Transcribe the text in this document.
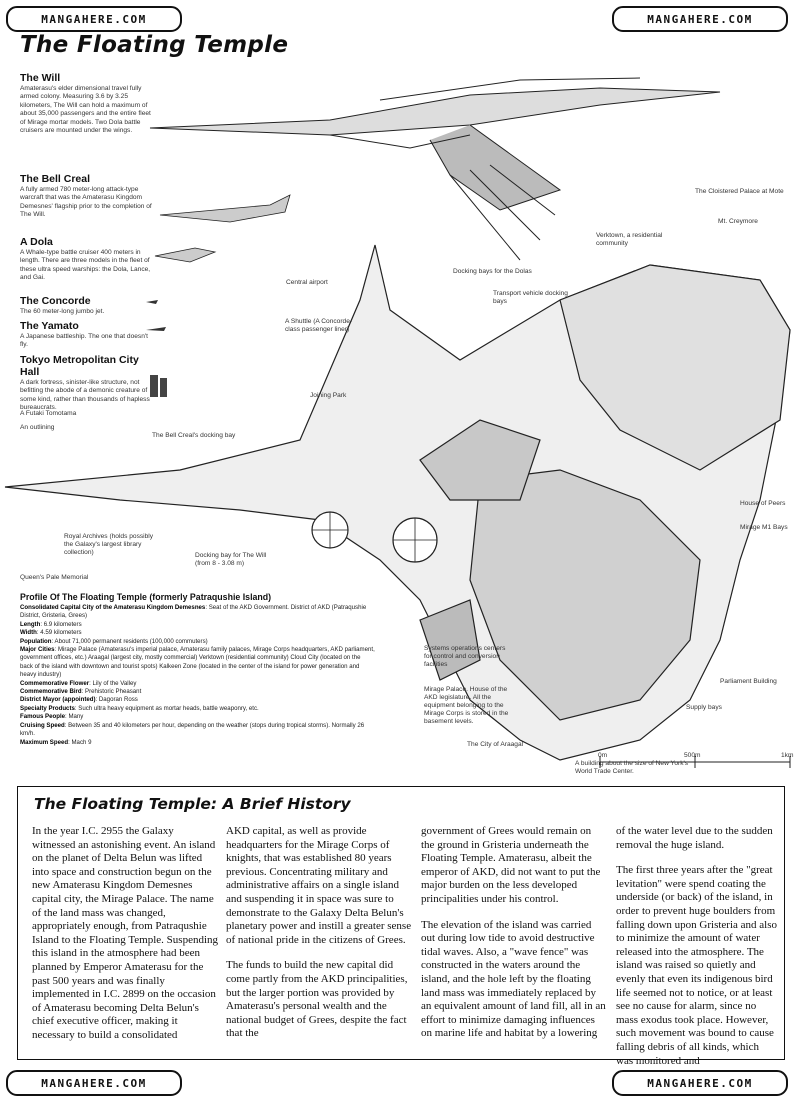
MANGAHERE.COM	MANGAHERE.COM
MANGAHERE.COM	MANGAHERE.COM
The Floating Temple
The Will

Amaterasu's elder dimensional travel fully armed colony. Measuring 3.6 by 3.25 kilometers, The Will can hold a maximum of about 35,000 passengers and the entire fleet of Mirage mortar models. Two Dola battle cruisers are mounted under the wings.

The Bell Creal

A fully armed 780 meter-long attack-type warcraft that was the Amaterasu Kingdom Demesnes' flagship prior to the completion of The Will.

A Dola

A Whale-type battle cruiser 400 meters in length. There are three models in the fleet of these ultra speed warships: the Dola, Lance, and Gai.

The Concorde

The 60 meter-long jumbo jet.

The Yamato

A Japanese battleship. The one that doesn't fly.

Tokyo Metropolitan City Hall

A dark fortress, sinister-like structure, not befitting the abode of a demonic creature of some kind, rather than thousands of hapless bureaucrats.

A Futaki Tomotama
An outlining
The Cloistered Palace at Mote
Mt. Creymore
Verktown, a residential community
Docking bays for the Dolas
Transport vehicle docking bays
Central airport
A Shuttle (A Concorde-class passenger liner)
Joining Park
The Bell Creal's docking bay
House of Peers
Mirage M1 Bays
Royal Archives (holds possibly the Galaxy's largest library collection)	Docking bay for The Will (from 8 - 3.08 m)
Queen's Pale Memorial
Systems operations centers for control and conversion facilities
Mirage Palace. House of the AKD legislature. All the equipment belonging to the Mirage Corps is stored in the basement levels.
Parliament Building
Supply bays
The City of Araagal
A building about the size of New York's World Trade Center.
0m	500m	1km
Profile Of The Floating Temple (formerly Patraqushie Island)
Consolidated Capital City of the Amaterasu Kingdom Demesnes: Seat of the AKD Government. District of AKD (Patraqushie District, Gristeria, Grees)
Length: 6.9 kilometers
Width: 4.59 kilometers
Population: About 71,000 permanent residents (100,000 commuters)
Major Cities: Mirage Palace (Amaterasu's imperial palace, Amaterasu family palaces, Mirage Corps headquarters, AKD parliament, government offices, etc.) Araagal (largest city, mostly commercial) Verktown (residential community) Cloud City (located on the back of the island with downtown and tourist spots) Kalkeen Zone (located in the center of the island for power generation and heavy industry)
Commemorative Flower: Lily of the Valley
Commemorative Bird: Prehistoric Pheasant
District Mayor (appointed): Dagoran Ross
Specialty Products: Such ultra heavy equipment as mortar heads, battle weaponry, etc.
Famous People: Many
Cruising Speed: Between 35 and 40 kilometers per hour, depending on the weather (stops during tropical storms). Normally 26 km/h.
Maximum Speed: Mach 9
The Floating Temple: A Brief History

In the year I.C. 2955 the Galaxy witnessed an astonishing event. An island on the planet of Delta Belun was lifted into space and construction begun on the new Amaterasu Kingdom Demesnes capital city, the Mirage Palace. The name of the land mass was changed, appropriately enough, from Patraqushie Island to the Floating Temple. Suspending this island in the atmosphere had been planned by Emperor Amaterasu for the past 500 years and was finally implemented in I.C. 2899 on the occasion of Amaterasu becoming Delta Belun's chief executive officer, making it necessary to build a consolidated

AKD capital, as well as provide headquarters for the Mirage Corps of knights, that was established 80 years previous. Concentrating military and administrative affairs on a single island and suspending it in space was sure to demonstrate to the Galaxy Delta Belun's planetary power and instill a greater sense of national pride in the citizens of Grees.

The funds to build the new capital did come partly from the AKD principalities, but the larger portion was provided by Amaterasu's personal wealth and the national budget of Grees, despite the fact that the

government of Grees would remain on the ground in Gristeria underneath the Floating Temple. Amaterasu, albeit the emperor of AKD, did not want to put the major burden on the less developed principalities under his control.

The elevation of the island was carried out during low tide to avoid destructive tidal waves. Also, a "wave fence" was constructed in the waters around the island, and the hole left by the floating land mass was immediately replaced by an equivalent amount of land fill, all in an effort to minimize damaging influences on marine life and habitat by a lowering

of the water level due to the sudden removal the huge island.

The first three years after the "great levitation" were spend coating the underside (or back) of the island, in order to prevent huge boulders from falling down upon Gristeria and also to minimize the amount of water released into the atmosphere. The island was raised so quietly and evenly that even its indigenous bird life seemed not to notice, or at least see no cause for alarm, since no mass exodus took place. However, such movement was bound to cause falling debris of all kinds, which was monitored and
